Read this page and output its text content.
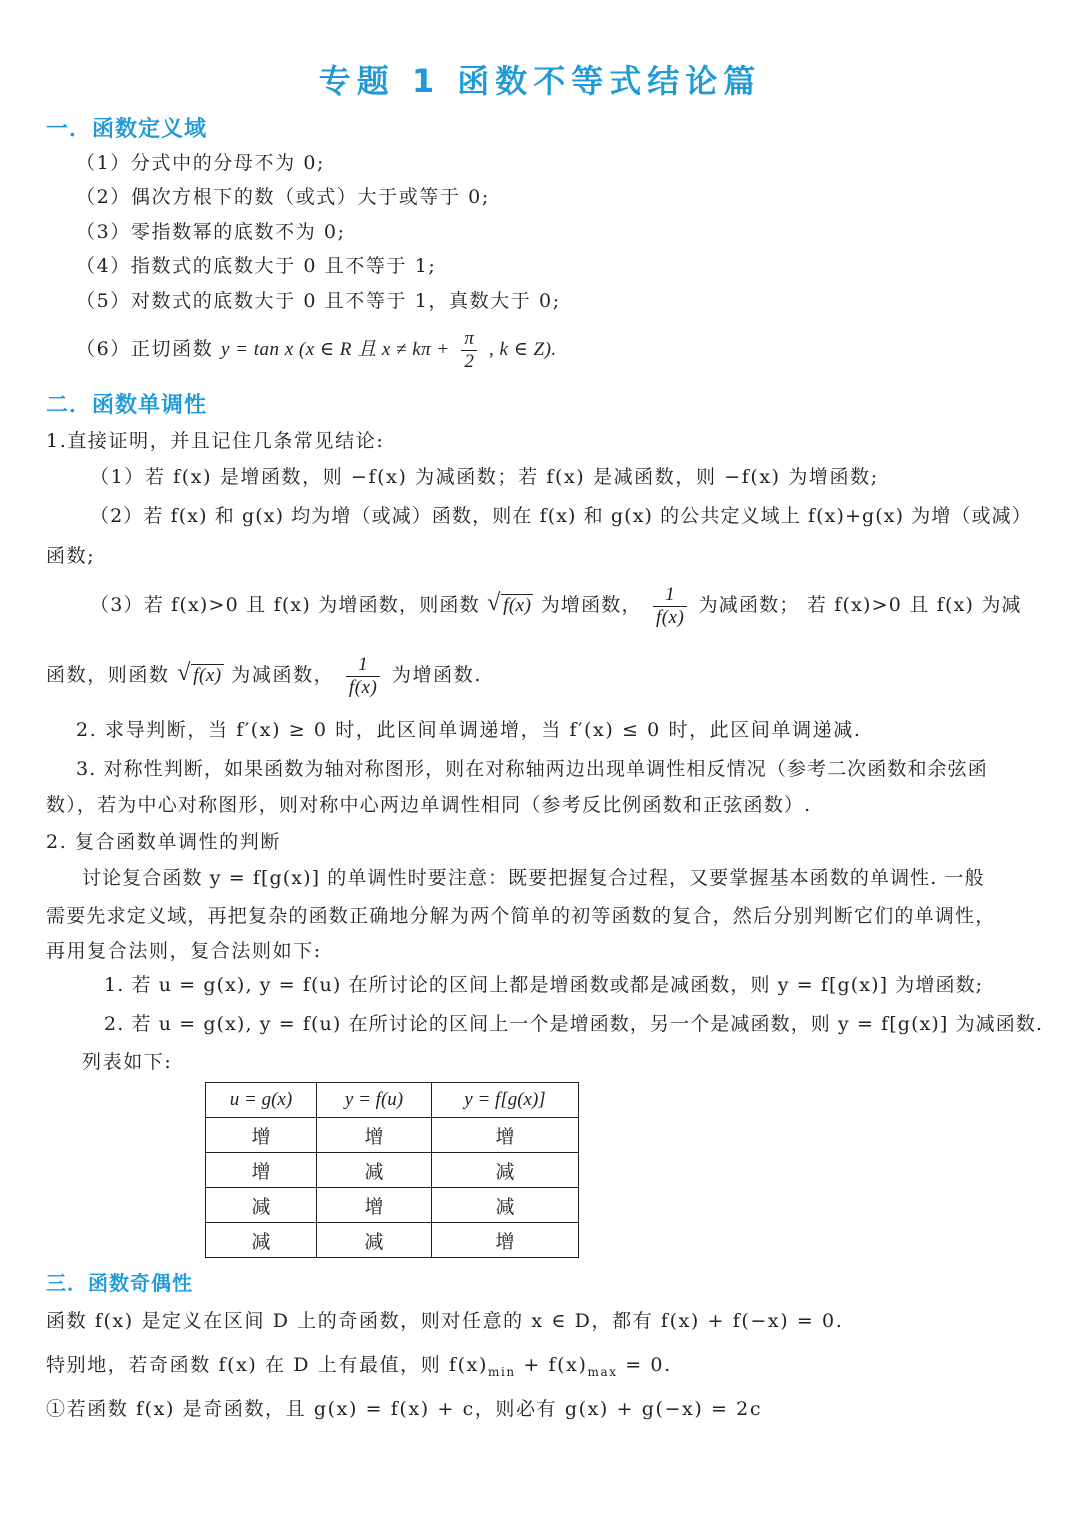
专题 1 函数不等式结论篇
一．函数定义域
（1）分式中的分母不为 0;
（2）偶次方根下的数（或式）大于或等于 0;
（3）零指数幂的底数不为 0;
（4）指数式的底数大于 0 且不等于 1;
（5）对数式的底数大于 0 且不等于 1，真数大于 0;
（6）正切函数 y = tan x (x ∈ R 且 $x \ne k\pi + \frac{\pi}{2}$ , k ∈ Z).
二．函数单调性
1.直接证明，并且记住几条常见结论:
（1）若 f(x) 是增函数，则 −f(x) 为减函数；若 f(x) 是减函数，则 −f(x) 为增函数;
（2）若 f(x) 和 g(x) 均为增（或减）函数，则在 f(x) 和 g(x) 的公共定义域上 f(x)+g(x) 为增（或减）
函数;
（3）若 f(x)>0 且 f(x) 为增函数，则函数 √ f(x) 为增函数， $\frac{1}{f(x)}$ 为减函数； 若 f(x)>0 且 f(x) 为减
函数，则函数 √ f(x) 为减函数， $\frac{1}{f(x)}$ 为增函数.
2. 求导判断，当 f′(x) ≥ 0 时，此区间单调递增，当 f′(x) ≤ 0 时，此区间单调递减.
3. 对称性判断，如果函数为轴对称图形，则在对称轴两边出现单调性相反情况（参考二次函数和余弦函
数），若为中心对称图形，则对称中心两边单调性相同（参考反比例函数和正弦函数）.
2. 复合函数单调性的判断
讨论复合函数 y = f[g(x)] 的单调性时要注意：既要把握复合过程，又要掌握基本函数的单调性. 一般
需要先求定义域，再把复杂的函数正确地分解为两个简单的初等函数的复合，然后分别判断它们的单调性，
再用复合法则，复合法则如下:
1. 若 u = g(x), y = f(u) 在所讨论的区间上都是增函数或都是减函数，则 y = f[g(x)] 为增函数;
2. 若 u = g(x), y = f(u) 在所讨论的区间上一个是增函数，另一个是减函数，则 y = f[g(x)] 为减函数.
列表如下:
u = g(x)	y = f(u)	y = f[g(x)]
增	增	增
增	减	减
减	增	减
减	减	增
三．函数奇偶性
函数 f(x) 是定义在区间 D 上的奇函数，则对任意的 x ∈ D，都有 f(x) + f(−x) = 0.
特别地，若奇函数 f(x) 在 D 上有最值，则 $f(x)_{min} + f(x)_{max} = 0$.
①若函数 f(x) 是奇函数，且 g(x) = f(x) + c，则必有 g(x) + g(−x) = 2c
